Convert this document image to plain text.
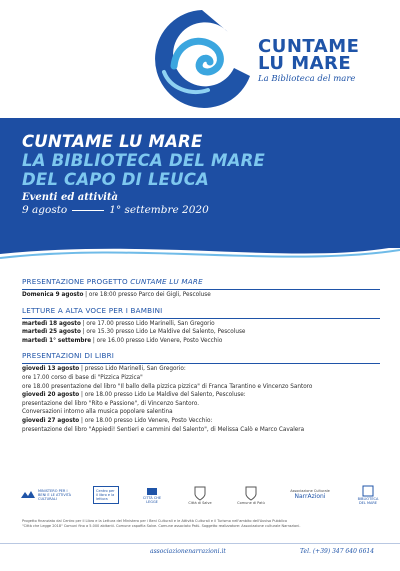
CUNTAME
LU MARE
La Biblioteca del mare
CUNTAME LU MARE
LA BIBLIOTECA DEL MARE
DEL CAPO DI LEUCA
Eventi ed attività
9 agosto	1° settembre 2020
PRESENTAZIONE PROGETTO CUNTAME LU MARE
Domenica 9 agosto | ore 18:00 presso Parco dei Gigli, Pescoluse
LETTURE A ALTA VOCE PER I BAMBINI
martedì 18 agosto | ore 17.00 presso Lido Marinelli, San Gregorio
martedì 25 agosto | ore 15.30 presso Lido Le Maldive del Salento, Pescoluse
martedì 1° settembre | ore 16.00 presso Lido Venere, Posto Vecchio
PRESENTAZIONI DI LIBRI
giovedì 13 agosto | presso Lido Marinelli, San Gregorio:
ore 17.00 corso di base di "Pizzica Pizzica"
ore 18.00 presentazione del libro "Il ballo della pizzica pizzica" di Franca Tarantino e Vincenzo Santoro
giovedì 20 agosto | ore 18.00 presso Lido Le Maldive del Salento, Pescoluse:
presentazione del libro "Rito e Passione", di Vincenzo Santoro.
Conversazioni intorno alla musica popolare salentina
giovedì 27 agosto | ore 18.00 presso Lido Venere, Posto Vecchio:
presentazione del libro "Appiedi! Sentieri e cammini del Salento", di Melissa Calò e Marco Cavalera
MINISTERO PER I BENI E LE ATTIVITÀ CULTURALI
Centro per il libro e la lettura	CITTÀ CHE LEGGE	Città di Salve	Comune di Patù
Associazione Culturale
NarrAzioni	BIBLIOTECA DEL MARE
Progetto finanziato dal Centro per il Libro e la Lettura del Ministero per i Beni Culturali e le Attività Culturali e il Turismo nell'ambito dell'Avviso Pubblico
"Città che Legge 2018" Comuni fino a 5.000 abitanti. Comune capofila Salve. Comune associato Patù. Soggetto realizzatore: Associazione culturale Narrazioni.
associazionenarrazioni.it	Tel. (+39) 347 640 6614
